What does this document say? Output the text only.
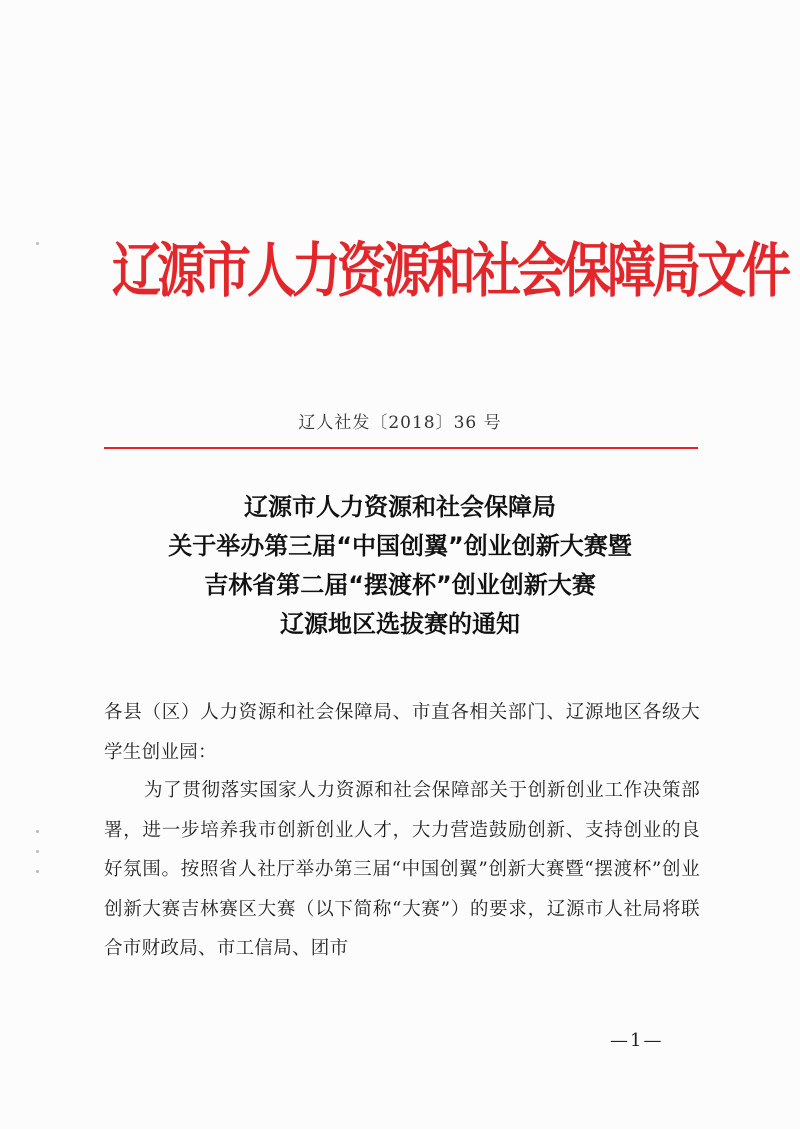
辽源市人力资源和社会保障局文件
辽人社发〔2018〕36 号
辽源市人力资源和社会保障局
关于举办第三届“中国创翼”创业创新大赛暨
吉林省第二届“摆渡杯”创业创新大赛
辽源地区选拔赛的通知
各县（区）人力资源和社会保障局、市直各相关部门、辽源地区各级大学生创业园：
为了贯彻落实国家人力资源和社会保障部关于创新创业工作决策部署，进一步培养我市创新创业人才，大力营造鼓励创新、支持创业的良好氛围。按照省人社厅举办第三届“中国创翼”创新大赛暨“摆渡杯”创业创新大赛吉林赛区大赛（以下简称“大赛”）的要求，辽源市人社局将联合市财政局、市工信局、团市
—1—
